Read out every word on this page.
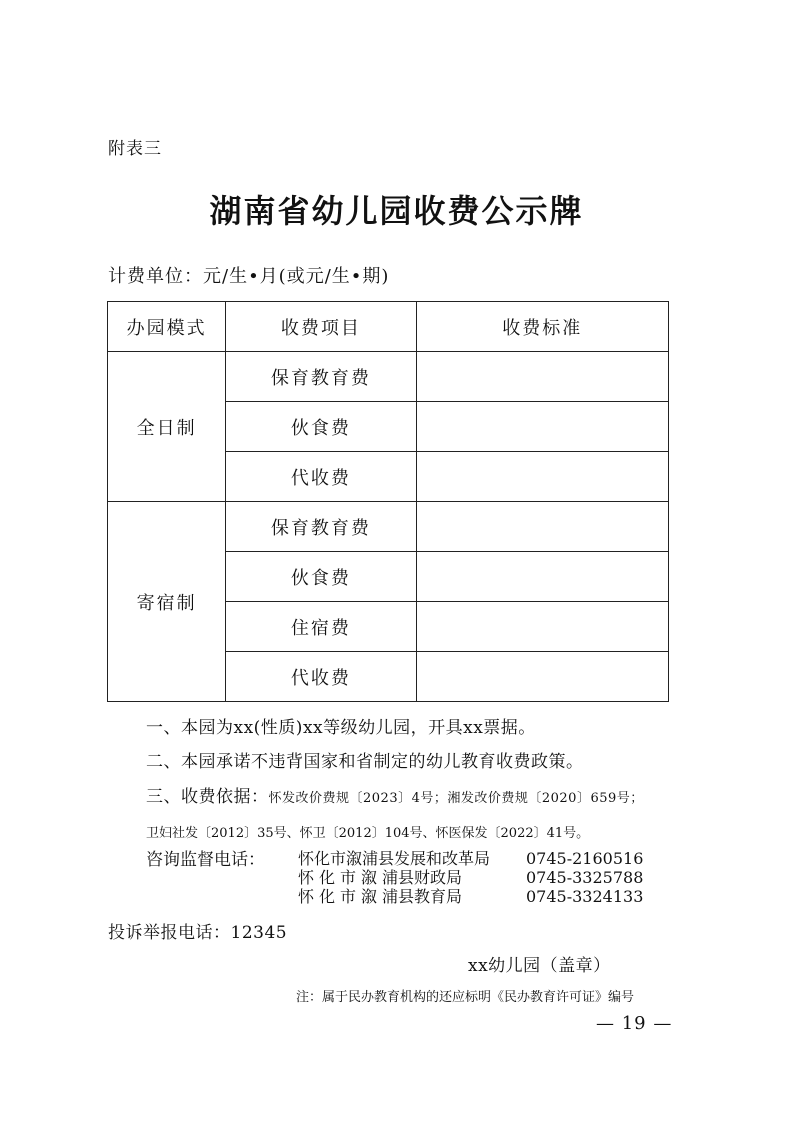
附表三
湖南省幼儿园收费公示牌
计费单位：元/生•月(或元/生•期)
办园模式	收费项目	收费标准
全日制	保育教育费	
	伙食费	
	代收费	
寄宿制	保育教育费	
	伙食费	
	住宿费	
	代收费	
一、本园为xx(性质)xx等级幼儿园，开具xx票据。
二、本园承诺不违背国家和省制定的幼儿教育收费政策。
三、收费依据：怀发改价费规〔2023〕4号；湘发改价费规〔2020〕659号；
卫妇社发〔2012〕35号、怀卫〔2012〕104号、怀医保发〔2022〕41号。
咨询监督电话： 怀化市溆浦县发展和改革局 0745-2160516
怀化市溆浦县财政局	0745-3325788
怀化市溆浦县教育局	0745-3324133
投诉举报电话：12345
xx幼儿园（盖章）
注：属于民办教育机构的还应标明《民办教育许可证》编号
— 19 —
